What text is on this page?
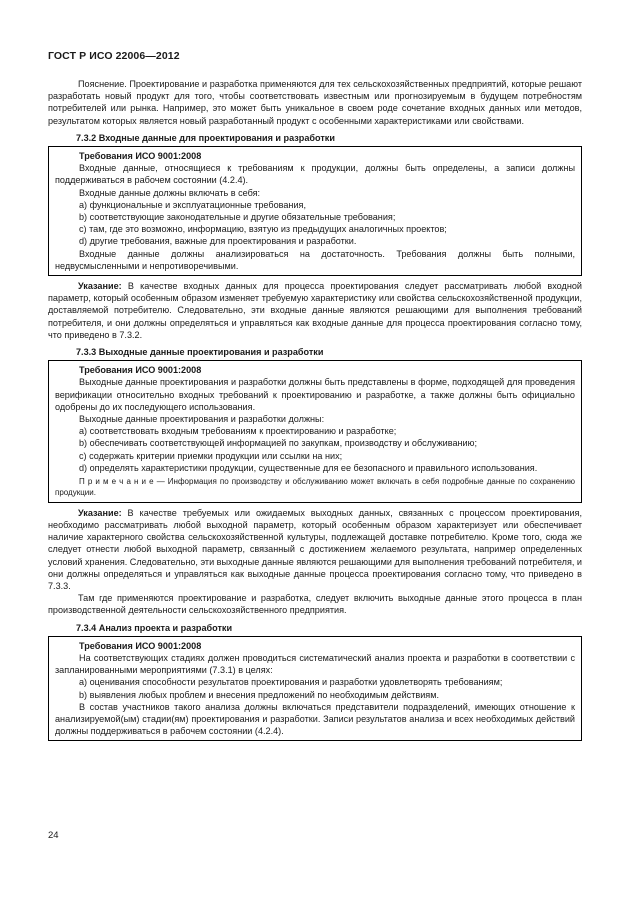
ГОСТ Р ИСО 22006—2012

Пояснение. Проектирование и разработка применяются для тех сельскохозяйственных предприятий, которые решают разработать новый продукт для того, чтобы соответствовать известным или прогнозируемым в будущем потребностям потребителей или рынка. Например, это может быть уникальное в своем роде сочетание входных данных или методов, результатом которых является новый разработанный продукт с особенными характеристиками или свойствами.

7.3.2 Входные данные для проектирования и разработки
Требования ИСО 9001:2008

Входные данные, относящиеся к требованиям к продукции, должны быть определены, а записи должны поддерживаться в рабочем состоянии (4.2.4).

Входные данные должны включать в себя:

a) функциональные и эксплуатационные требования,

b) соответствующие законодательные и другие обязательные требования;

c) там, где это возможно, информацию, взятую из предыдущих аналогичных проектов;

d) другие требования, важные для проектирования и разработки.

Входные данные должны анализироваться на достаточность. Требования должны быть полными, недвусмысленными и непротиворечивыми.

Указание: В качестве входных данных для процесса проектирования следует рассматривать любой входной параметр, который особенным образом изменяет требуемую характеристику или свойства сельскохозяйственной продукции, доставляемой потребителю. Следовательно, эти входные данные являются решающими для выполнения требований потребителя, и они должны определяться и управляться как входные данные для процесса проектирования согласно тому, что приведено в 7.3.2.

7.3.3 Выходные данные проектирования и разработки
Требования ИСО 9001:2008

Выходные данные проектирования и разработки должны быть представлены в форме, подходящей для проведения верификации относительно входных требований к проектированию и разработке, а также должны быть официально одобрены до их последующего использования.

Выходные данные проектирования и разработки должны:

a) соответствовать входным требованиям к проектированию и разработке;

b) обеспечивать соответствующей информацией по закупкам, производству и обслуживанию;

c) содержать критерии приемки продукции или ссылки на них;

d) определять характеристики продукции, существенные для ее безопасного и правильного использования.

П р и м е ч а н и е — Информация по производству и обслуживанию может включать в себя подробные данные по сохранению продукции.

Указание: В качестве требуемых или ожидаемых выходных данных, связанных с процессом проектирования, необходимо рассматривать любой выходной параметр, который особенным образом характеризует или обеспечивает наличие характерного свойства сельскохозяйственной культуры, подлежащей доставке потребителю. Кроме того, сюда же следует отнести любой выходной параметр, связанный с достижением желаемого результата, например определенных условий хранения. Следовательно, эти выходные данные являются решающими для выполнения требований потребителя, и они должны определяться и управляться как выходные данные процесса проектирования согласно тому, что приведено в 7.3.3.

Там где применяются проектирование и разработка, следует включить выходные данные этого процесса в план производственной деятельности сельскохозяйственного предприятия.

7.3.4 Анализ проекта и разработки
Требования ИСО 9001:2008

На соответствующих стадиях должен проводиться систематический анализ проекта и разработки в соответствии с запланированными мероприятиями (7.3.1) в целях:

a) оценивания способности результатов проектирования и разработки удовлетворять требованиям;

b) выявления любых проблем и внесения предложений по необходимым действиям.

В состав участников такого анализа должны включаться представители подразделений, имеющих отношение к анализируемой(ым) стадии(ям) проектирования и разработки. Записи результатов анализа и всех необходимых действий должны поддерживаться в рабочем состоянии (4.2.4).

24
